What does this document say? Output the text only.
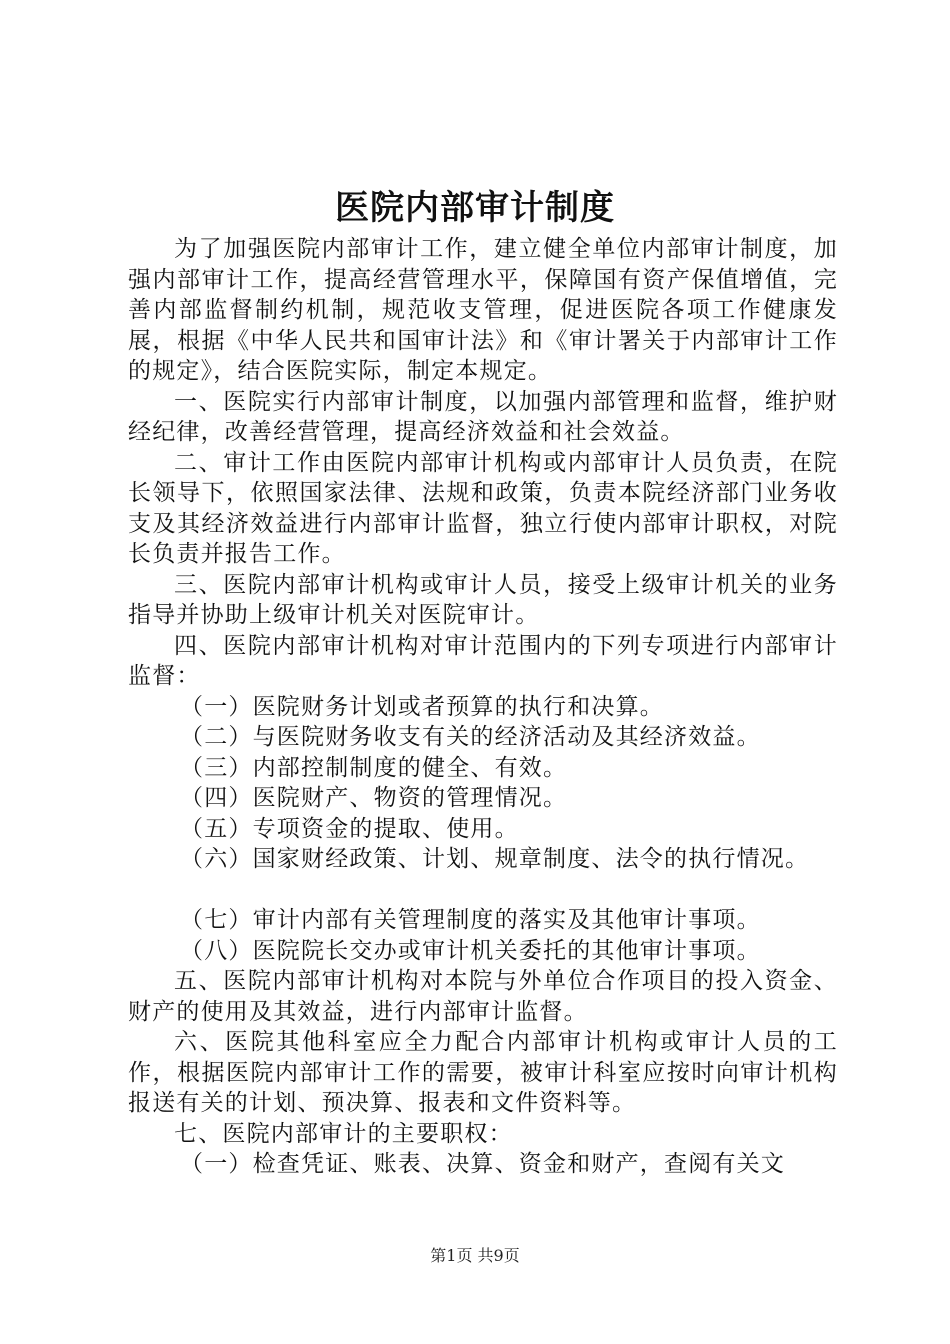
医院内部审计制度

为了加强医院内部审计工作，建立健全单位内部审计制度，加强内部审计工作，提高经营管理水平，保障国有资产保值增值，完善内部监督制约机制，规范收支管理，促进医院各项工作健康发展，根据《中华人民共和国审计法》和《审计署关于内部审计工作的规定》，结合医院实际，制定本规定。

一、医院实行内部审计制度，以加强内部管理和监督，维护财经纪律，改善经营管理，提高经济效益和社会效益。

二、审计工作由医院内部审计机构或内部审计人员负责，在院长领导下，依照国家法律、法规和政策，负责本院经济部门业务收支及其经济效益进行内部审计监督，独立行使内部审计职权，对院长负责并报告工作。

三、医院内部审计机构或审计人员，接受上级审计机关的业务指导并协助上级审计机关对医院审计。

四、医院内部审计机构对审计范围内的下列专项进行内部审计监督：

（一）医院财务计划或者预算的执行和决算。

（二）与医院财务收支有关的经济活动及其经济效益。

（三）内部控制制度的健全、有效。

（四）医院财产、物资的管理情况。

（五）专项资金的提取、使用。

（六）国家财经政策、计划、规章制度、法令的执行情况。

（七）审计内部有关管理制度的落实及其他审计事项。

（八）医院院长交办或审计机关委托的其他审计事项。

五、医院内部审计机构对本院与外单位合作项目的投入资金、财产的使用及其效益，进行内部审计监督。

六、医院其他科室应全力配合内部审计机构或审计人员的工作，根据医院内部审计工作的需要，被审计科室应按时向审计机构报送有关的计划、预决算、报表和文件资料等。

七、医院内部审计的主要职权：

（一）检查凭证、账表、决算、资金和财产，查阅有关文

第1页 共9页
